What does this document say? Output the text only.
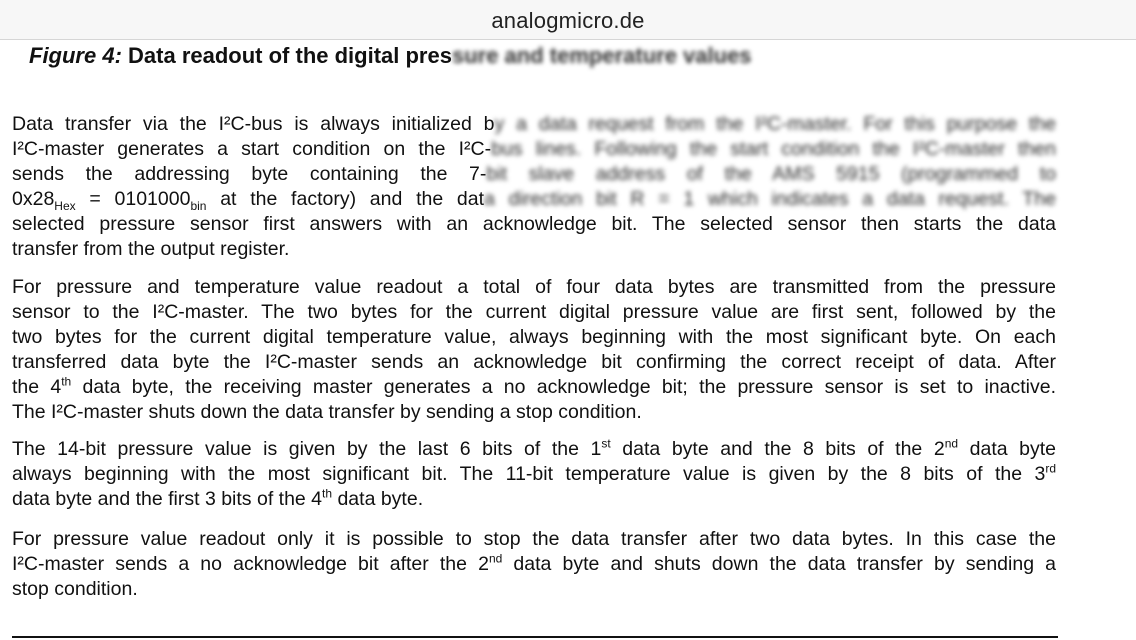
analogmicro.de
Figure 4: Data readout of the digital pressure and temperature values
Data transfer via the I²C-bus is always initialized by a data request from the I²C-master. For this purpose the
I²C-master generates a start condition on the I²C-bus lines. Following the start condition the I²C-master then
sends the addressing byte containing the 7-bit slave address of the AMS 5915 (programmed to
$0x28_{Hex} = 0101000_{bin}$ at the factory) and the data direction bit R = 1 which indicates a data request. The
selected pressure sensor first answers with an acknowledge bit. The selected sensor then starts the data
transfer from the output register.
For pressure and temperature value readout a total of four data bytes are transmitted from the pressure
sensor to the I²C-master. The two bytes for the current digital pressure value are first sent, followed by the
two bytes for the current digital temperature value, always beginning with the most significant byte. On each
transferred data byte the I²C-master sends an acknowledge bit confirming the correct receipt of data. After
the 4th data byte, the receiving master generates a no acknowledge bit; the pressure sensor is set to inactive.
The I²C-master shuts down the data transfer by sending a stop condition.
The 14-bit pressure value is given by the last 6 bits of the 1st data byte and the 8 bits of the 2nd data byte
always beginning with the most significant bit. The 11-bit temperature value is given by the 8 bits of the 3rd
data byte and the first 3 bits of the 4th data byte.
For pressure value readout only it is possible to stop the data transfer after two data bytes. In this case the
I²C-master sends a no acknowledge bit after the 2nd data byte and shuts down the data transfer by sending a
stop condition.
